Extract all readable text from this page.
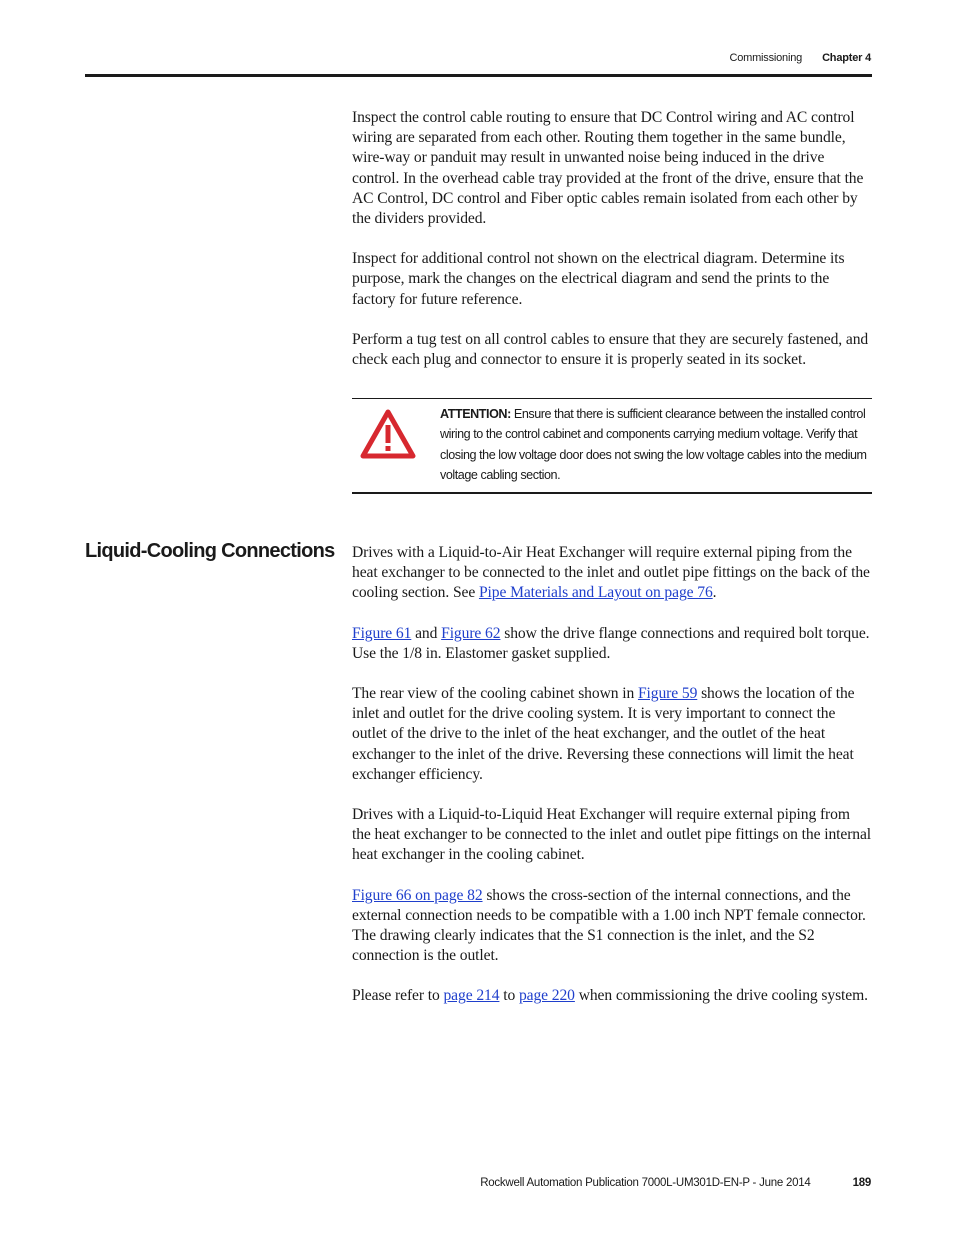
Commissioning Chapter 4

Inspect the control cable routing to ensure that DC Control wiring and AC control wiring are separated from each other. Routing them together in the same bundle, wire-way or panduit may result in unwanted noise being induced in the drive control. In the overhead cable tray provided at the front of the drive, ensure that the AC Control, DC control and Fiber optic cables remain isolated from each other by the dividers provided.

Inspect for additional control not shown on the electrical diagram. Determine its purpose, mark the changes on the electrical diagram and send the prints to the factory for future reference.

Perform a tug test on all control cables to ensure that they are securely fastened, and check each plug and connector to ensure it is properly seated in its socket.

ATTENTION: Ensure that there is sufficient clearance between the installed control wiring to the control cabinet and components carrying medium voltage. Verify that closing the low voltage door does not swing the low voltage cables into the medium voltage cabling section.
Liquid-Cooling Connections	Drives with a Liquid-to-Air Heat Exchanger will require external piping from the heat exchanger to be connected to the inlet and outlet pipe fittings on the back of the cooling section. See Pipe Materials and Layout on page 76.

Figure 61 and Figure 62 show the drive flange connections and required bolt torque. Use the 1/8 in. Elastomer gasket supplied.

The rear view of the cooling cabinet shown in Figure 59 shows the location of the inlet and outlet for the drive cooling system. It is very important to connect the outlet of the drive to the inlet of the heat exchanger, and the outlet of the heat exchanger to the inlet of the drive. Reversing these connections will limit the heat exchanger efficiency.

Drives with a Liquid-to-Liquid Heat Exchanger will require external piping from the heat exchanger to be connected to the inlet and outlet pipe fittings on the internal heat exchanger in the cooling cabinet.

Figure 66 on page 82 shows the cross-section of the internal connections, and the external connection needs to be compatible with a 1.00 inch NPT female connector. The drawing clearly indicates that the S1 connection is the inlet, and the S2 connection is the outlet.

Please refer to page 214 to page 220 when commissioning the drive cooling system.

Rockwell Automation Publication 7000L-UM301D-EN-P - June 2014	189
